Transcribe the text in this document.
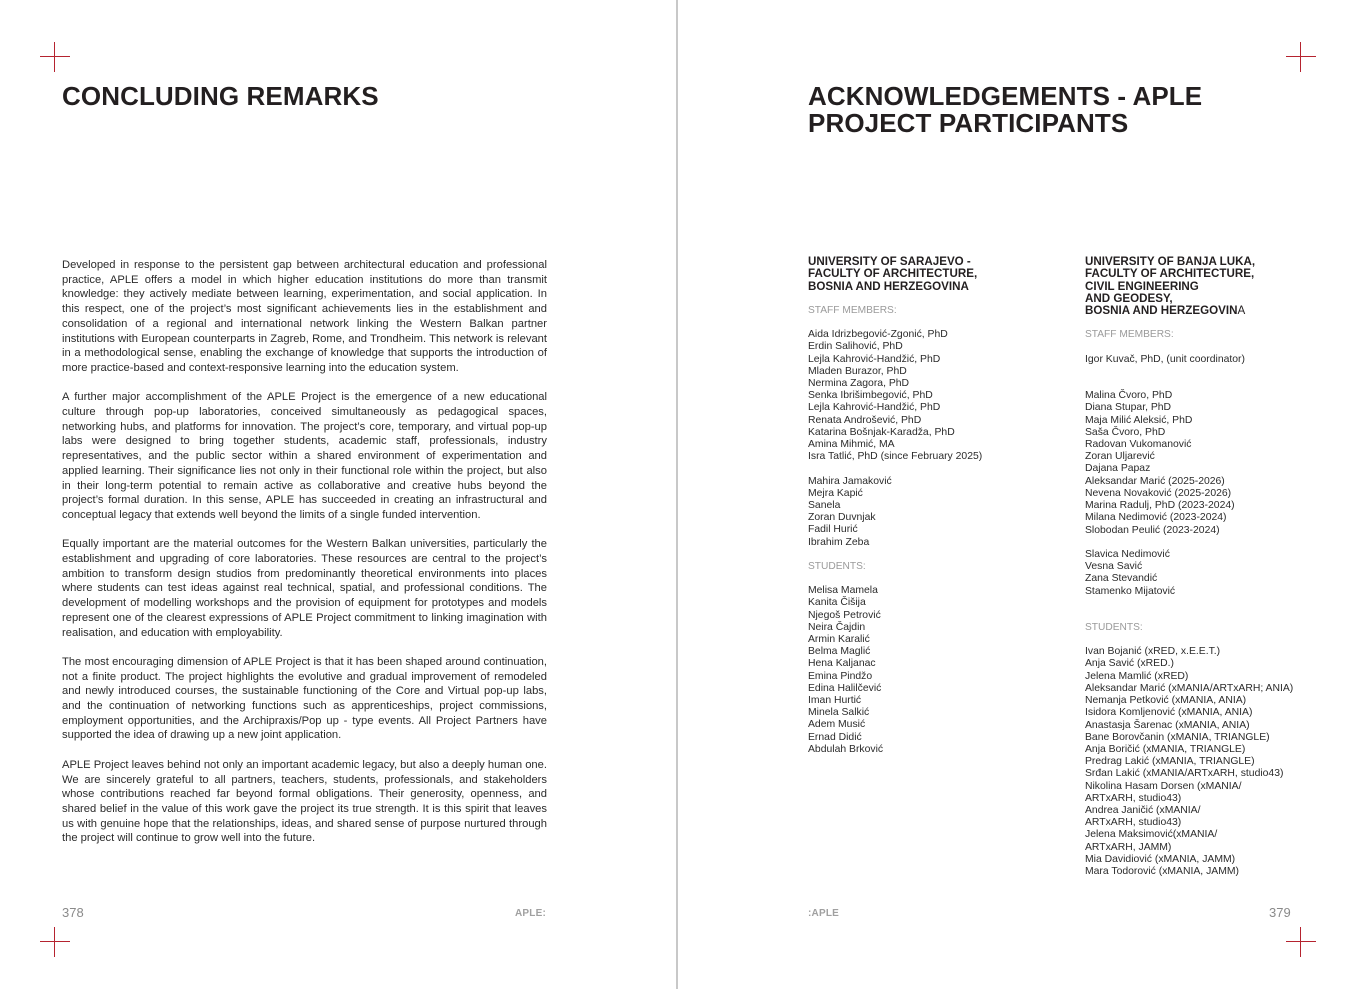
CONCLUDING REMARKS

Developed in response to the persistent gap between architectural education and professional practice, APLE offers a model in which higher education institutions do more than transmit knowledge: they actively mediate between learning, experimentation, and social application. In this respect, one of the project’s most significant achievements lies in the establishment and consolidation of a regional and international network linking the Western Balkan partner institutions with European counterparts in Zagreb, Rome, and Trondheim. This network is relevant in a methodological sense, enabling the exchange of knowledge that supports the introduction of more practice-based and context-responsive learning into the education system.

A further major accomplishment of the APLE Project is the emergence of a new educational culture through pop-up laboratories, conceived simultaneously as pedagogical spaces, networking hubs, and platforms for innovation. The project’s core, temporary, and virtual pop-up labs were designed to bring together students, academic staff, professionals, industry representatives, and the public sector within a shared environment of experimentation and applied learning. Their significance lies not only in their functional role within the project, but also in their long-term potential to remain active as collaborative and creative hubs beyond the project’s formal duration. In this sense, APLE has succeeded in creating an infrastructural and conceptual legacy that extends well beyond the limits of a single funded intervention.

Equally important are the material outcomes for the Western Balkan universities, particularly the establishment and upgrading of core laboratories. These resources are central to the project’s ambition to transform design studios from predominantly theoretical environments into places where students can test ideas against real technical, spatial, and professional conditions. The development of modelling workshops and the provision of equipment for prototypes and models represent one of the clearest expressions of APLE Project commitment to linking imagination with realisation, and education with employability.

The most encouraging dimension of APLE Project is that it has been shaped around continuation, not a finite product. The project highlights the evolutive and gradual improvement of remodeled and newly introduced courses, the sustainable functioning of the Core and Virtual pop-up labs, and the continuation of networking functions such as apprenticeships, project commissions, employment opportunities, and the Archipraxis/Pop up - type events. All Project Partners have supported the idea of drawing up a new joint application.

APLE Project leaves behind not only an important academic legacy, but also a deeply human one. We are sincerely grateful to all partners, teachers, students, professionals, and stakeholders whose contributions reached far beyond formal obligations. Their generosity, openness, and shared belief in the value of this work gave the project its true strength. It is this spirit that leaves us with genuine hope that the relationships, ideas, and shared sense of purpose nurtured through the project will continue to grow well into the future.

378	APLE:
ACKNOWLEDGEMENTS - APLE
PROJECT PARTICIPANTS
379
:APLE
UNIVERSITY OF SARAJEVO -
FACULTY OF ARCHITECTURE,
BOSNIA AND HERZEGOVINA
STAFF MEMBERS:
Aida Idrizbegović-Zgonić, PhD
Erdin Salihović, PhD
Lejla Kahrović-Handžić, PhD
Mladen Burazor, PhD
Nermina Zagora, PhD
Senka Ibrišimbegović, PhD
Lejla Kahrović-Handžić, PhD
Renata Androšević, PhD
Katarina Bošnjak-Karadža, PhD
Amina Mihmić, MA
Isra Tatlić, PhD (since February 2025)
Mahira Jamaković
Mejra Kapić
Sanela
Zoran Duvnjak
Fadil Hurić
Ibrahim Zeba
STUDENTS:
Melisa Mamela
Kanita Čišija
Njegoš Petrović
Neira Čajdin
Armin Karalić
Belma Maglić
Hena Kaljanac
Emina Pindžo
Edina Halilčević
Iman Hurtić
Minela Salkić
Adem Musić
Ernad Didić
Abdulah Brković
UNIVERSITY OF BANJA LUKA,
FACULTY OF ARCHITECTURE,
CIVIL ENGINEERING
AND GEODESY,
BOSNIA AND HERZEGOVINA
STAFF MEMBERS:
Igor Kuvač, PhD, (unit coordinator)
Malina Čvoro, PhD
Diana Stupar, PhD
Maja Milić Aleksić, PhD
Saša Čvoro, PhD
Radovan Vukomanović
Zoran Uljarević
Dajana Papaz
Aleksandar Marić (2025-2026)
Nevena Novaković (2025-2026)
Marina Radulj, PhD (2023-2024)
Milana Nedimović (2023-2024)
Slobodan Peulić (2023-2024)
Slavica Nedimović
Vesna Savić
Zana Stevandić
Stamenko Mijatović
STUDENTS:
Ivan Bojanić (xRED, x.E.E.T.)
Anja Savić (xRED.)
Jelena Mamlić (xRED)
Aleksandar Marić (xMANIA/ARTxARH; ANIA)
Nemanja Petković (xMANIA, ANIA)
Isidora Komljenović (xMANIA, ANIA)
Anastasja Šarenac (xMANIA, ANIA)
Bane Borovčanin (xMANIA, TRIANGLE)
Anja Boričić (xMANIA, TRIANGLE)
Predrag Lakić (xMANIA, TRIANGLE)
Srđan Lakić (xMANIA/ARTxARH, studio43)
Nikolina Hasam Dorsen (xMANIA/
ARTxARH, studio43)
Andrea Janičić (xMANIA/
ARTxARH, studio43)
Jelena Maksimović(xMANIA/
ARTxARH, JAMM)
Mia Davidiović (xMANIA, JAMM)
Mara Todorović (xMANIA, JAMM)
